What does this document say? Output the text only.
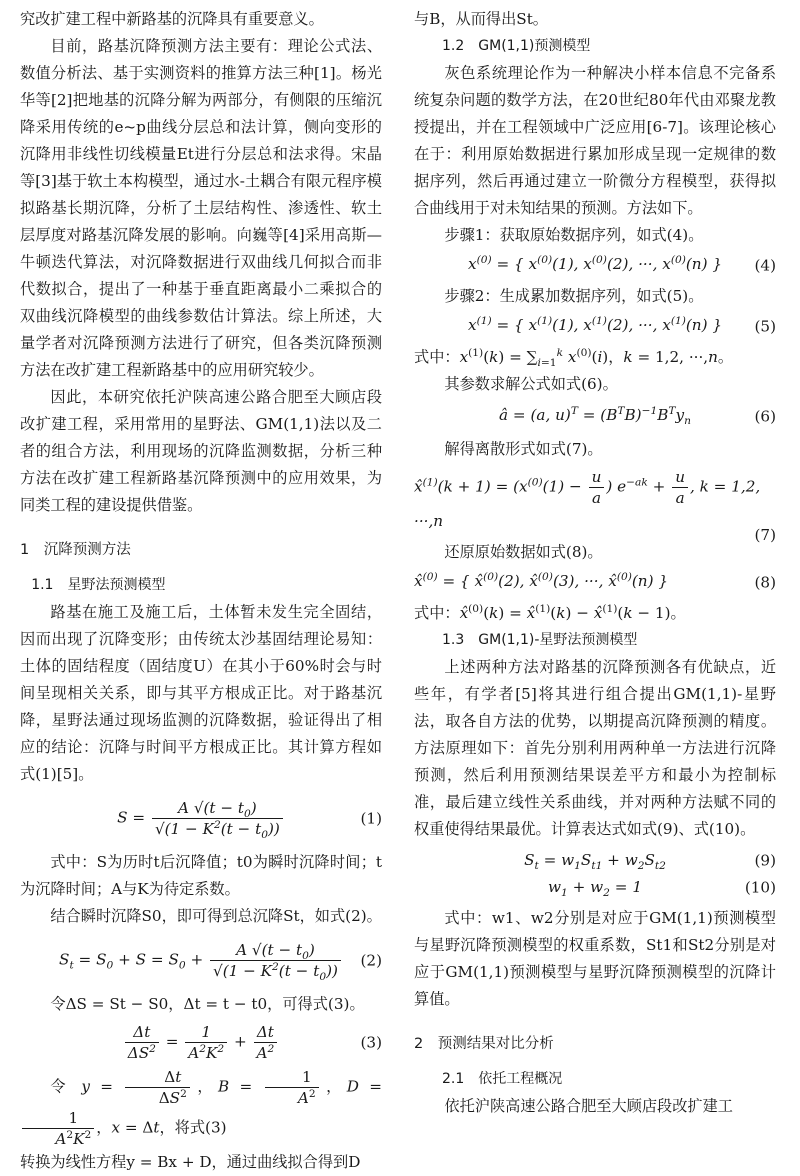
究改扩建工程中新路基的沉降具有重要意义。

目前，路基沉降预测方法主要有：理论公式法、数值分析法、基于实测资料的推算方法三种[1]。杨光华等[2]把地基的沉降分解为两部分，有侧限的压缩沉降采用传统的e~p曲线分层总和法计算，侧向变形的沉降用非线性切线模量Et进行分层总和法求得。宋晶等[3]基于软土本构模型，通过水-土耦合有限元程序模拟路基长期沉降，分析了土层结构性、渗透性、软土层厚度对路基沉降发展的影响。向巍等[4]采用高斯—牛顿迭代算法，对沉降数据进行双曲线几何拟合而非代数拟合，提出了一种基于垂直距离最小二乘拟合的双曲线沉降模型的曲线参数估计算法。综上所述，大量学者对沉降预测方法进行了研究，但各类沉降预测方法在改扩建工程新路基中的应用研究较少。

因此，本研究依托沪陕高速公路合肥至大顾店段改扩建工程，采用常用的星野法、GM(1,1)法以及二者的组合方法，利用现场的沉降监测数据，分析三种方法在改扩建工程新路基沉降预测中的应用效果，为同类工程的建设提供借鉴。

1　沉降预测方法
1.1　星野法预测模型

路基在施工及施工后，土体暂未发生完全固结，因而出现了沉降变形；由传统太沙基固结理论易知：土体的固结程度（固结度U）在其小于60%时会与时间呈现相关关系，即与其平方根成正比。对于路基沉降，星野法通过现场监测的沉降数据，验证得出了相应的结论：沉降与时间平方根成正比。其计算方程如式(1)[5]。

$S = \frac{A √(t - t_0)}{√(1 - K^2(t - t_0))}$	(1)

式中：S为历时t后沉降值；t0为瞬时沉降时间；t为沉降时间；A与K为待定系数。

结合瞬时沉降S0，即可得到总沉降St，如式(2)。

$S_t = S_0 + S = S_0 + \frac{A √(t - t_0)}{√(1 - K^2(t - t_0))} (2)$

令ΔS = St − S0，Δt = t − t0，可得式(3)。

$\frac{\Delta t}{\Delta S^2} = \frac{1}{A^2K^2} + \frac{\Delta t}{A^2}$	(3)

令 $y = \frac{\Delta t}{\Delta S^2}$ ，$B = \frac{1}{A^2}$ ，D =
$\frac{1}{A^2K^2}$ ，x = Δt，将式(3)

转换为线性方程y = Bx + D，通过曲线拟合得到D

与B，从而得出St。

1.2　GM(1,1)预测模型

灰色系统理论作为一种解决小样本信息不完备系统复杂问题的数学方法，在20世纪80年代由邓聚龙教授提出，并在工程领域中广泛应用[6-7]。该理论核心在于：利用原始数据进行累加形成呈现一定规律的数据序列，然后再通过建立一阶微分方程模型，获得拟合曲线用于对未知结果的预测。方法如下。

步骤1：获取原始数据序列，如式(4)。

$x^{(0)}$ = { $x^{(0)}(1)$, $x^{(0)}(2)$, ···, $x^{(0)}(n)$ }	(4)

步骤2：生成累加数据序列，如式(5)。

$x^{(1)}$ = { $x^{(1)}(1)$, $x^{(1)}(2)$, ···, $x^{(1)}(n)$ }	(5)

式中：$x^{(1)}(k) = \sum_{i=1}^k$ $x^{(0)}(i)$，k = 1,2, ···,n。

其参数求解公式如式(6)。

â = (a, $u)^T = (B^TB)^{-1}B^Ty_n$	(6)

解得离散形式如式(7)。

x̂$^{(1)}$(k + $1) = (x^{(0)}(1) - \frac{u}{a}$ ) $e^{-ak} + \frac{u}{a}$ , k = 1,2, ···,n
(7)

还原原始数据如式(8)。

x̂$^{(0)}$ = { x̂$^{(0)}$(2), x̂$^{(0)}$(3), ···, x̂$^{(0)}$(n) }	(8)

式中：x̂$^{(0)}$(k) = x̂$^{(1)}$(k) − x̂$^{(1)}$(k − 1)。

1.3　GM(1,1)-星野法预测模型

上述两种方法对路基的沉降预测各有优缺点，近些年，有学者[5]将其进行组合提出GM(1,1)-星野法，取各自方法的优势，以期提高沉降预测的精度。方法原理如下：首先分别利用两种单一方法进行沉降预测，然后利用预测结果误差平方和最小为控制标准，最后建立线性关系曲线，并对两种方法赋不同的权重使得结果最优。计算表达式如式(9)、式(10)。

$S_t = w_1S_{t1} + w_2S_{t2}$	(9)
$w_1 + w_2 = 1$	(10)

式中：w1、w2分别是对应于GM(1,1)预测模型与星野沉降预测模型的权重系数，St1和St2分别是对应于GM(1,1)预测模型与星野沉降预测模型的沉降计算值。

2　预测结果对比分析
2.1　依托工程概况

依托沪陕高速公路合肥至大顾店段改扩建工
